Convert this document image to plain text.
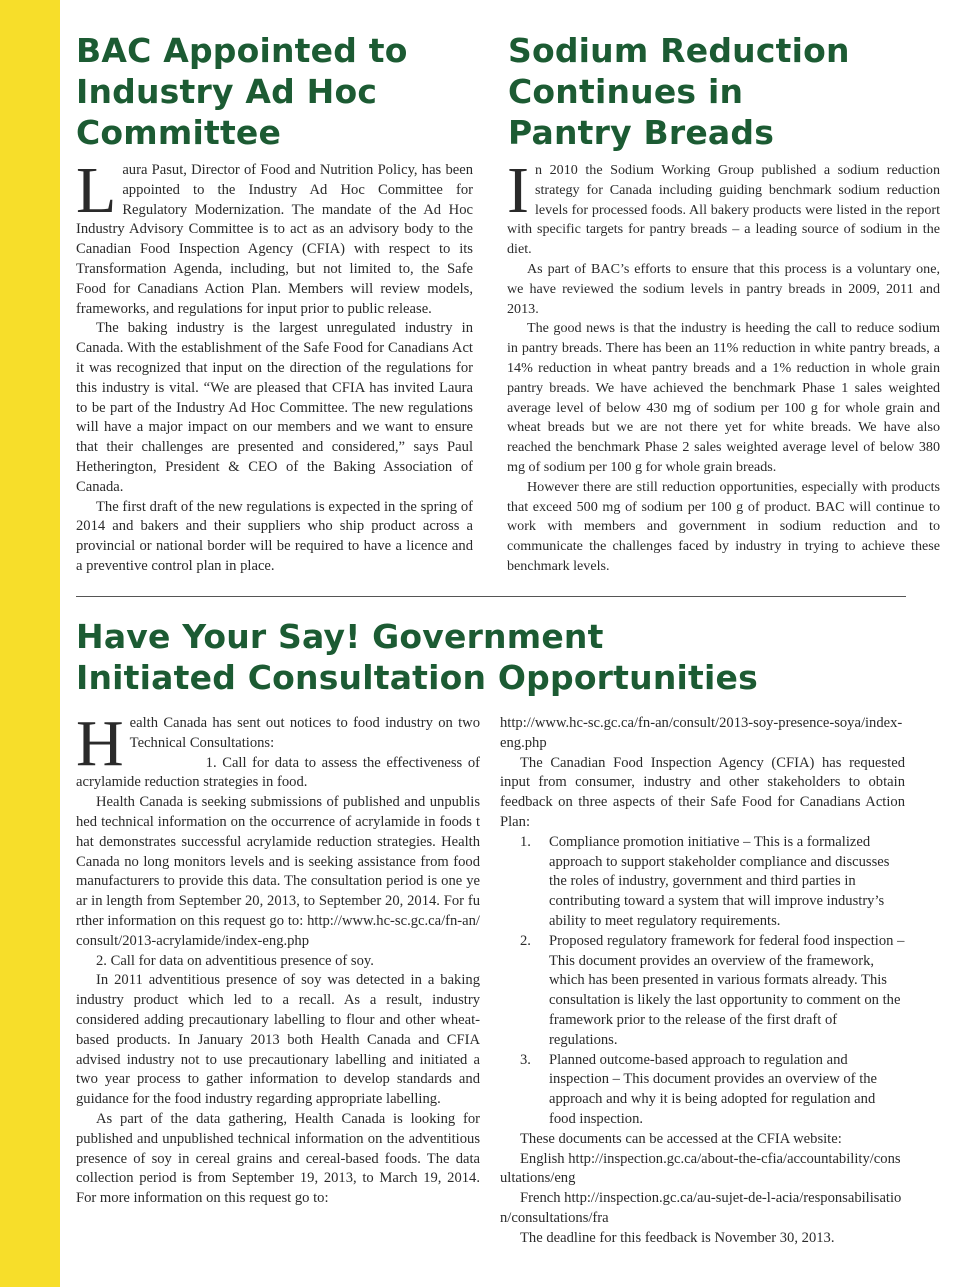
BAC Appointed to
Industry Ad Hoc
Committee

Laura Pasut, Director of Food and Nutrition Policy, has been appointed to the Industry Ad Hoc Committee for Regulatory Modernization. The mandate of the Ad Hoc Industry Advisory Committee is to act as an advisory body to the Canadian Food Inspection Agency (CFIA) with respect to its Transformation Agenda, including, but not limited to, the Safe Food for Canadians Action Plan. Members will review models, frameworks, and regulations for input prior to public release.

The baking industry is the largest unregulated industry in Canada. With the establishment of the Safe Food for Canadians Act it was recognized that input on the direction of the regulations for this industry is vital. “We are pleased that CFIA has invited Laura to be part of the Industry Ad Hoc Committee. The new regulations will have a major impact on our members and we want to ensure that their challenges are presented and considered,” says Paul Hetherington, President & CEO of the Baking Association of Canada.

The first draft of the new regulations is expected in the spring of 2014 and bakers and their suppliers who ship product across a provincial or national border will be required to have a licence and a preventive control plan in place.

Sodium Reduction
Continues in
Pantry Breads

In 2010 the Sodium Working Group published a sodium reduction strategy for Canada including guiding benchmark sodium reduction levels for processed foods. All bakery products were listed in the report with specific targets for pantry breads – a leading source of sodium in the diet.

As part of BAC’s efforts to ensure that this process is a voluntary one, we have reviewed the sodium levels in pantry breads in 2009, 2011 and 2013.

The good news is that the industry is heeding the call to reduce sodium in pantry breads. There has been an 11% reduction in white pantry breads, a 14% reduction in wheat pantry breads and a 1% reduction in whole grain pantry breads. We have achieved the benchmark Phase 1 sales weighted average level of below 430 mg of sodium per 100 g for whole grain and wheat breads but we are not there yet for white breads. We have also reached the benchmark Phase 2 sales weighted average level of below 380 mg of sodium per 100 g for whole grain breads.

However there are still reduction opportunities, especially with products that exceed 500 mg of sodium per 100 g of product. BAC will continue to work with members and government in sodium reduction and to communicate the challenges faced by industry in trying to achieve these benchmark levels.

Have Your Say! Government
Initiated Consultation Opportunities

Health Canada has sent out notices to food industry on two Technical Consultations:

1. Call for data to assess the effectiveness of acrylamide reduction strategies in food.

Health Canada is seeking submissions of published and unpublished technical information on the occurrence of acrylamide in foods that demonstrates successful acrylamide reduction strategies. Health Canada no long monitors levels and is seeking assistance from food manufacturers to provide this data. The consultation period is one year in length from September 20, 2013, to September 20, 2014. For further information on this request go to: http://www.hc-sc.gc.ca/fn-an/consult/2013-acrylamide/index-eng.php

2. Call for data on adventitious presence of soy.

In 2011 adventitious presence of soy was detected in a baking industry product which led to a recall. As a result, industry considered adding precautionary labelling to flour and other wheat-based products. In January 2013 both Health Canada and CFIA advised industry not to use precautionary labelling and initiated a two year process to gather information to develop standards and guidance for the food industry regarding appropriate labelling.

As part of the data gathering, Health Canada is looking for published and unpublished technical information on the adventitious presence of soy in cereal grains and cereal-based foods. The data collection period is from September 19, 2013, to March 19, 2014. For more information on this request go to:

http://www.hc-sc.gc.ca/fn-an/consult/2013-soy-presence-soya/index-eng.php

The Canadian Food Inspection Agency (CFIA) has requested input from consumer, industry and other stakeholders to obtain feedback on three aspects of their Safe Food for Canadians Action Plan:

1.	Compliance promotion initiative – This is a formalized approach to support stakeholder compliance and discusses the roles of industry, government and third parties in contributing toward a system that will improve industry’s ability to meet regulatory requirements.
2.	Proposed regulatory framework for federal food inspection – This document provides an overview of the framework, which has been presented in various formats already. This consultation is likely the last opportunity to comment on the framework prior to the release of the first draft of regulations.
3.	Planned outcome-based approach to regulation and inspection – This document provides an overview of the approach and why it is being adopted for regulation and food inspection.

These documents can be accessed at the CFIA website:

English http://inspection.gc.ca/about-the-cfia/accountability/consultations/eng

French http://inspection.gc.ca/au-sujet-de-l-acia/responsabilisation/consultations/fra

The deadline for this feedback is November 30, 2013.
